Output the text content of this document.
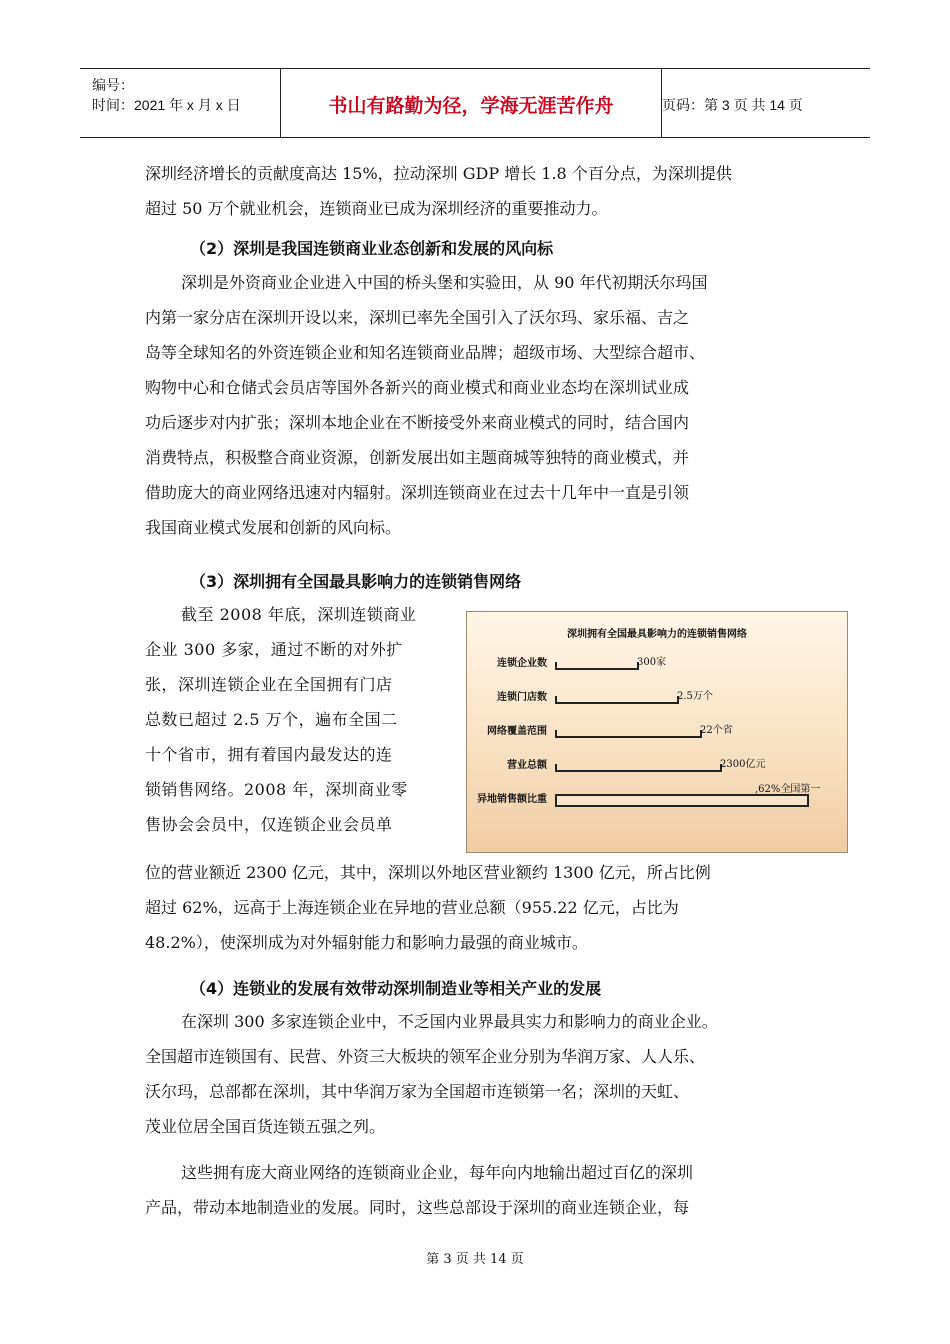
编号：
时间：2021 年 x 月 x 日	书山有路勤为径，学海无涯苦作舟	页码：第 3 页 共 14 页
深圳经济增长的贡献度高达 15%，拉动深圳 GDP 增长 1.8 个百分点，为深圳提供
超过 50 万个就业机会，连锁商业已成为深圳经济的重要推动力。
（2）深圳是我国连锁商业业态创新和发展的风向标
深圳是外资商业企业进入中国的桥头堡和实验田，从 90 年代初期沃尔玛国
内第一家分店在深圳开设以来，深圳已率先全国引入了沃尔玛、家乐福、吉之
岛等全球知名的外资连锁企业和知名连锁商业品牌；超级市场、大型综合超市、
购物中心和仓储式会员店等国外各新兴的商业模式和商业业态均在深圳试业成
功后逐步对内扩张；深圳本地企业在不断接受外来商业模式的同时，结合国内
消费特点，积极整合商业资源，创新发展出如主题商城等独特的商业模式，并
借助庞大的商业网络迅速对内辐射。深圳连锁商业在过去十几年中一直是引领
我国商业模式发展和创新的风向标。
（3）深圳拥有全国最具影响力的连锁销售网络
截至 2008 年底，深圳连锁商业
企业 300 多家，通过不断的对外扩
张，深圳连锁企业在全国拥有门店
总数已超过 2.5 万个，遍布全国二
十个省市，拥有着国内最发达的连
锁销售网络。2008 年，深圳商业零
售协会会员中，仅连锁企业会员单
深圳拥有全国最具影响力的连锁销售网络
连锁企业数	300家
连锁门店数	2.5万个
网络覆盖范围	22个省
营业总额	2300亿元
异地销售额比重
,62%全国第一
位的营业额近 2300 亿元，其中，深圳以外地区营业额约 1300 亿元，所占比例
超过 62%，远高于上海连锁企业在异地的营业总额（955.22 亿元，占比为
48.2%），使深圳成为对外辐射能力和影响力最强的商业城市。
（4）连锁业的发展有效带动深圳制造业等相关产业的发展
在深圳 300 多家连锁企业中，不乏国内业界最具实力和影响力的商业企业。
全国超市连锁国有、民营、外资三大板块的领军企业分别为华润万家、人人乐、
沃尔玛，总部都在深圳，其中华润万家为全国超市连锁第一名；深圳的天虹、
茂业位居全国百货连锁五强之列。
这些拥有庞大商业网络的连锁商业企业，每年向内地输出超过百亿的深圳
产品，带动本地制造业的发展。同时，这些总部设于深圳的商业连锁企业，每
第 3 页 共 14 页
